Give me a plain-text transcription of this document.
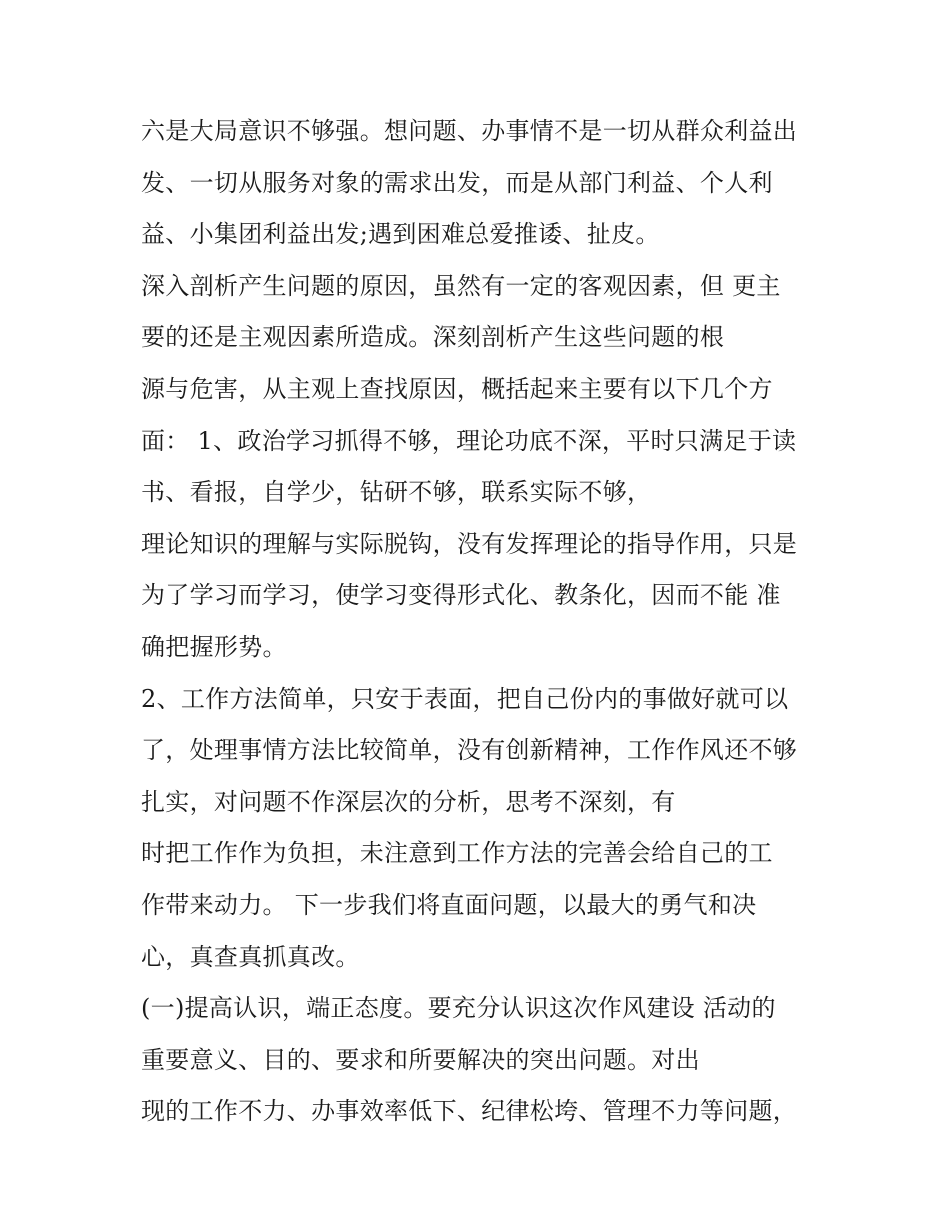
六是大局意识不够强。想问题、办事情不是一切从群众利益出
发、一切从服务对象的需求出发，而是从部门利益、个人利
益、小集团利益出发;遇到困难总爱推诿、扯皮。
深入剖析产生问题的原因，虽然有一定的客观因素，但 更主
要的还是主观因素所造成。深刻剖析产生这些问题的根
源与危害，从主观上查找原因，概括起来主要有以下几个方
面： 1、政治学习抓得不够，理论功底不深，平时只满足于读
书、看报，自学少，钻研不够，联系实际不够，
理论知识的理解与实际脱钩，没有发挥理论的指导作用，只是
为了学习而学习，使学习变得形式化、教条化，因而不能 准
确把握形势。
2、工作方法简单，只安于表面，把自己份内的事做好就可以
了，处理事情方法比较简单，没有创新精神，工作作风还不够
扎实，对问题不作深层次的分析，思考不深刻，有
时把工作作为负担，未注意到工作方法的完善会给自己的工
作带来动力。 下一步我们将直面问题，以最大的勇气和决
心，真查真抓真改。
(一)提高认识，端正态度。要充分认识这次作风建设 活动的
重要意义、目的、要求和所要解决的突出问题。对出
现的工作不力、办事效率低下、纪律松垮、管理不力等问题，
